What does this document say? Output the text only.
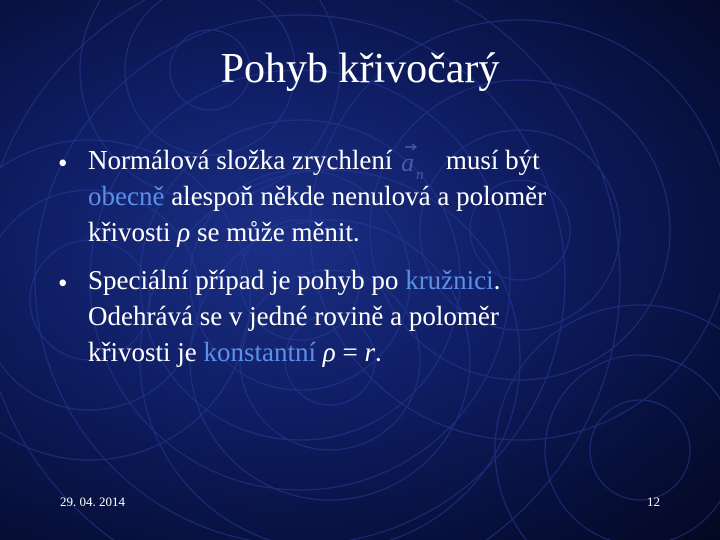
Pohyb křivočarý
• Normálová složka zrychlení a n musí být
obecně alespoň někde nenulová a poloměr
křivosti ρ se může měnit.
• Speciální případ je pohyb po kružnici.
Odehrává se v jedné rovině a poloměr
křivosti je konstantní ρ = r.
29. 04. 2014	12
